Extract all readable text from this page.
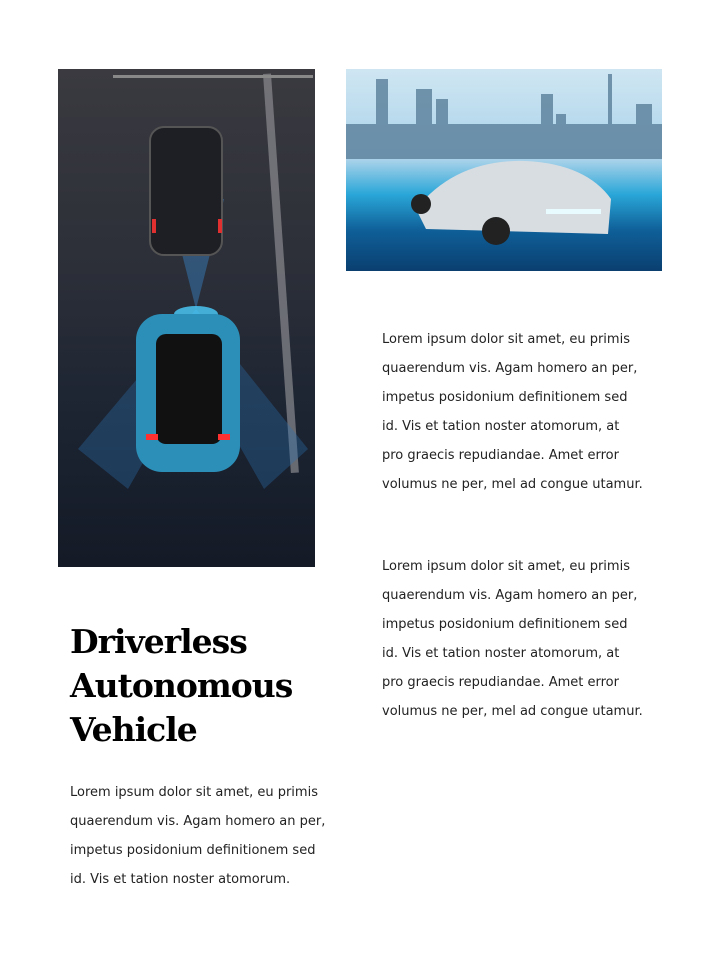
Lorem ipsum dolor sit amet, eu primis
quaerendum vis. Agam homero an per,
impetus posidonium definitionem sed
id. Vis et tation noster atomorum, at
pro graecis repudiandae. Amet error
volumus ne per, mel ad congue utamur.
Lorem ipsum dolor sit amet, eu primis
quaerendum vis. Agam homero an per,
impetus posidonium definitionem sed
id. Vis et tation noster atomorum, at
pro graecis repudiandae. Amet error
volumus ne per, mel ad congue utamur.
Driverless
Autonomous
Vehicle
Lorem ipsum dolor sit amet, eu primis
quaerendum vis. Agam homero an per,
impetus posidonium definitionem sed
id. Vis et tation noster atomorum.
